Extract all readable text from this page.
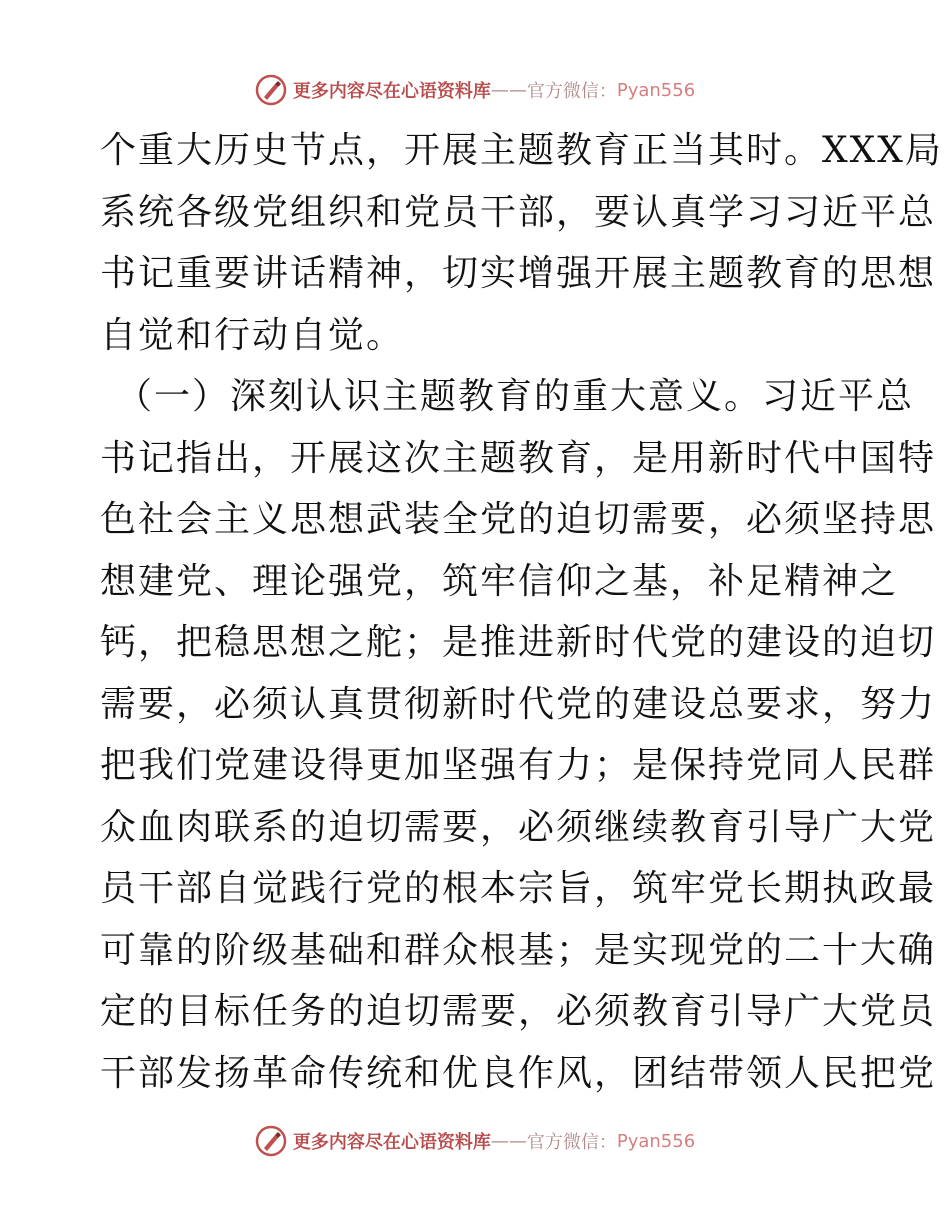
更多内容尽在心语资料库 —— 官方微信： Pyan556
个重大历史节点，开展主题教育正当其时。XXX局
系统各级党组织和党员干部，要认真学习习近平总
书记重要讲话精神，切实增强开展主题教育的思想
自觉和行动自觉。
（一）深刻认识主题教育的重大意义。习近平总
书记指出，开展这次主题教育，是用新时代中国特
色社会主义思想武装全党的迫切需要，必须坚持思
想建党、理论强党，筑牢信仰之基，补足精神之
钙，把稳思想之舵；是推进新时代党的建设的迫切
需要，必须认真贯彻新时代党的建设总要求，努力
把我们党建设得更加坚强有力；是保持党同人民群
众血肉联系的迫切需要，必须继续教育引导广大党
员干部自觉践行党的根本宗旨，筑牢党长期执政最
可靠的阶级基础和群众根基；是实现党的二十大确
定的目标任务的迫切需要，必须教育引导广大党员
干部发扬革命传统和优良作风，团结带领人民把党
更多内容尽在心语资料库 —— 官方微信： Pyan556
